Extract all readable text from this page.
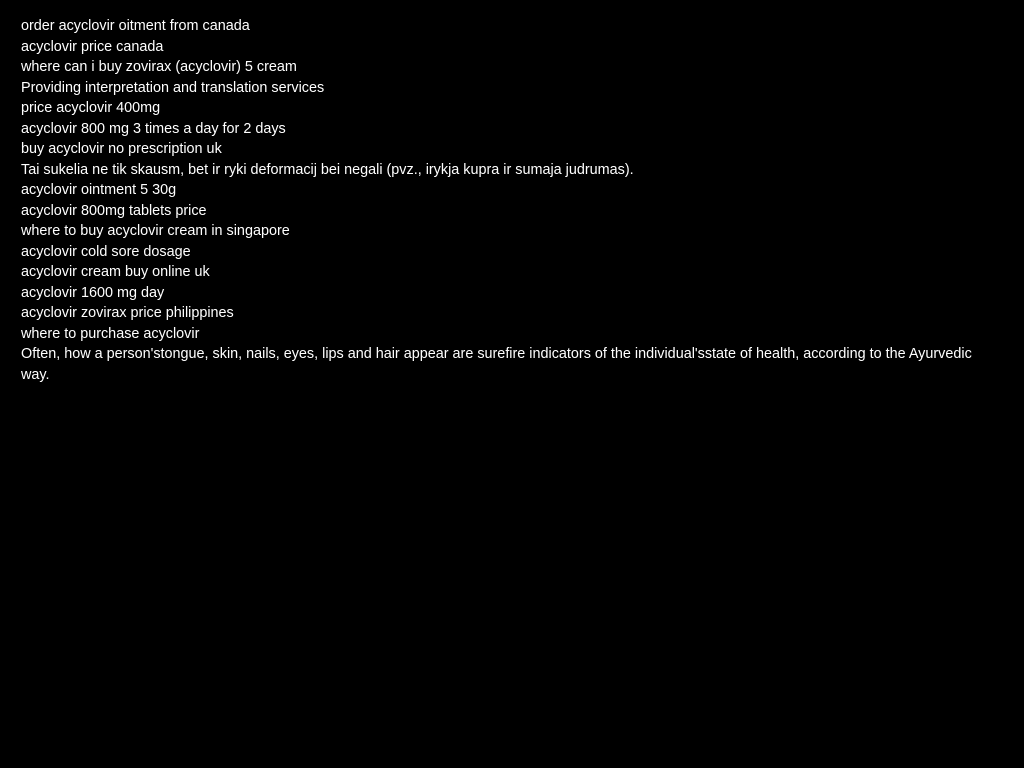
order acyclovir oitment from canada
acyclovir price canada
where can i buy zovirax (acyclovir) 5 cream
Providing interpretation and translation services
price acyclovir 400mg
acyclovir 800 mg 3 times a day for 2 days
buy acyclovir no prescription uk
Tai sukelia ne tik skausm, bet ir ryki deformacij bei negali (pvz., irykja kupra ir sumaja judrumas).
acyclovir ointment 5 30g
acyclovir 800mg tablets price
where to buy acyclovir cream in singapore
acyclovir cold sore dosage
acyclovir cream buy online uk
acyclovir 1600 mg day
acyclovir zovirax price philippines
where to purchase acyclovir
Often, how a person'stongue, skin, nails, eyes, lips and hair appear are surefire indicators of the individual'sstate of health, according to the Ayurvedic way.
